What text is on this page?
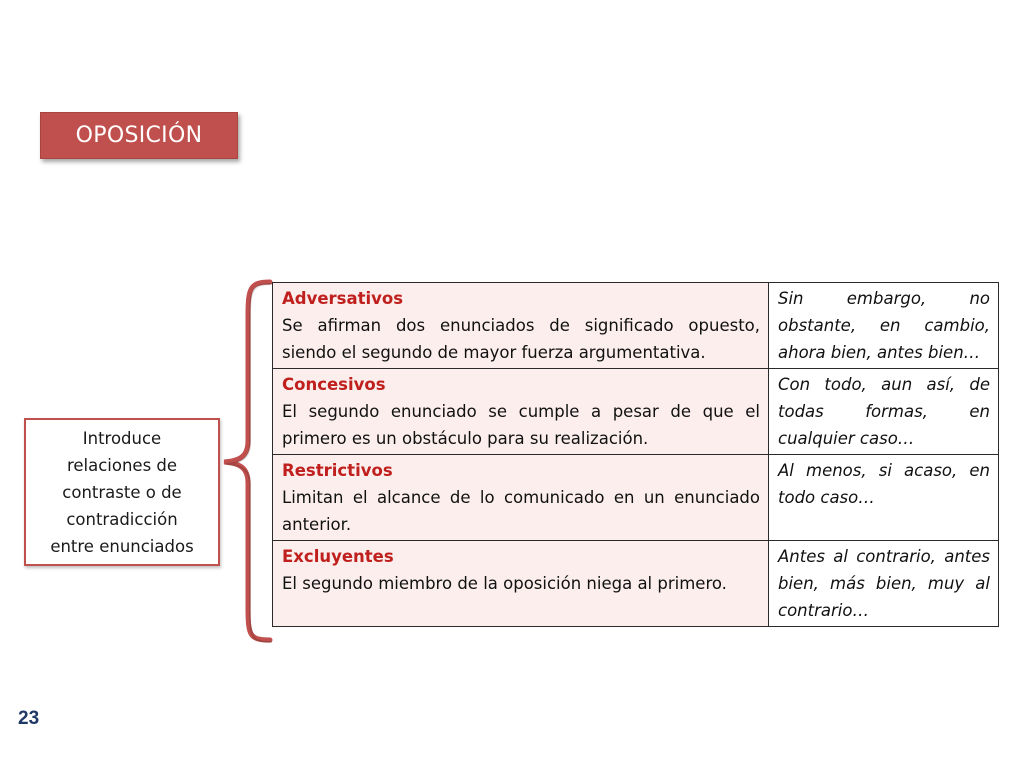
OPOSICIÓN
Introduce
relaciones de
contraste o de
contradicción
entre enunciados
Adversativos
Se afirman dos enunciados de significado opuesto, siendo el segundo de mayor fuerza argumentativa.	Sin embargo, no obstante, en cambio, ahora bien, antes bien…

Concesivos
El segundo enunciado se cumple a pesar de que el primero es un obstáculo para su realización.	Con todo, aun así, de todas formas, en cualquier caso…

Restrictivos
Limitan el alcance de lo comunicado en un enunciado anterior.	Al menos, si acaso, en todo caso…

Excluyentes
El segundo miembro de la oposición niega al primero.	Antes al contrario, antes bien, más bien, muy al contrario…
23
